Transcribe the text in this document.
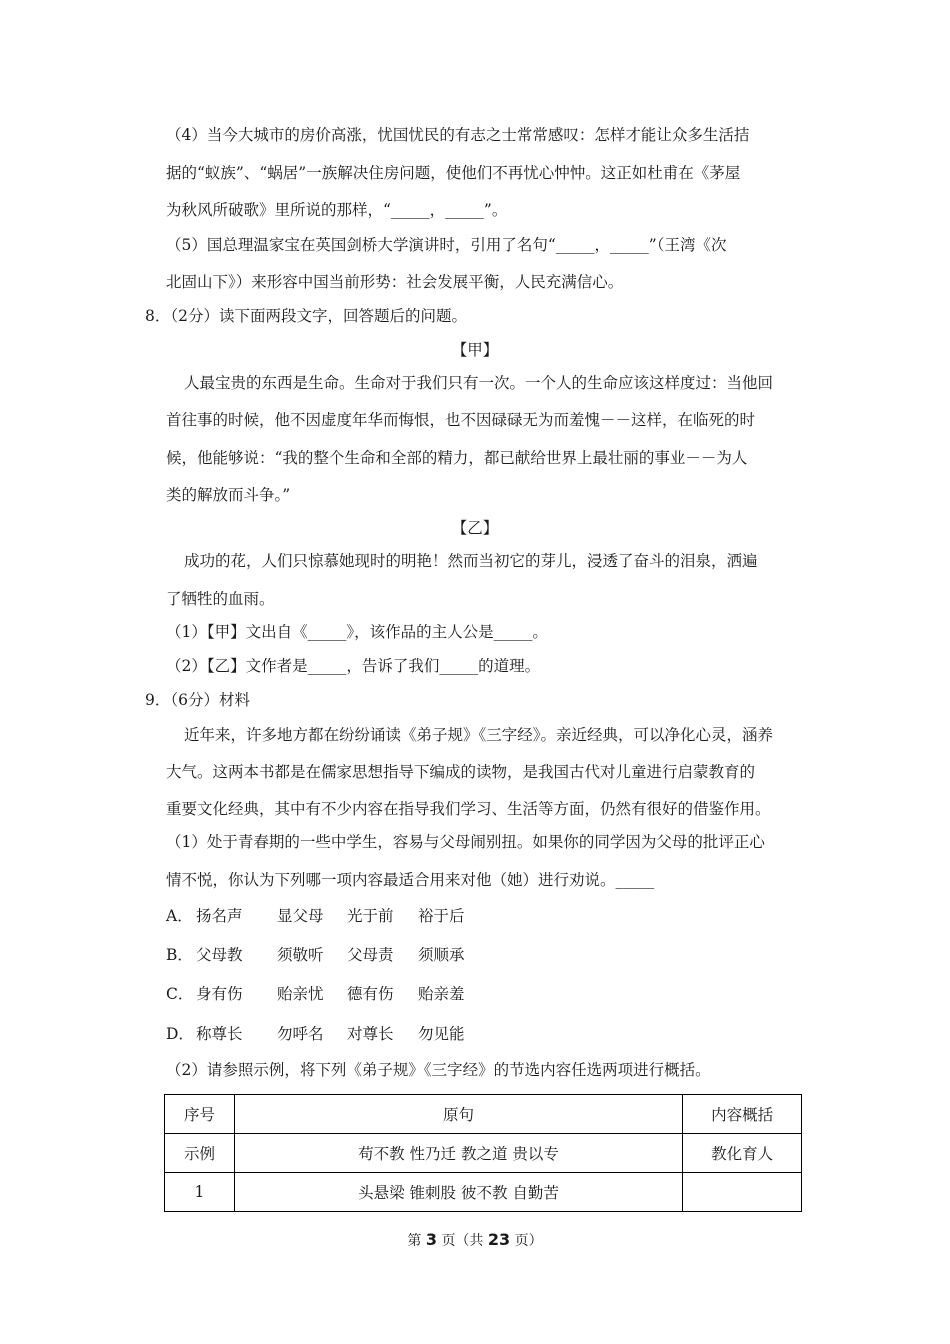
（4）当今大城市的房价高涨，忧国忧民的有志之士常常感叹：怎样才能让众多生活拮
据的“蚁族”、“蜗居”一族解决住房问题，使他们不再忧心忡忡。这正如杜甫在《茅屋
为秋风所破歌》里所说的那样，“_____，_____”。
（5）国总理温家宝在英国剑桥大学演讲时，引用了名句“_____，_____”（王湾《次
北固山下》）来形容中国当前形势：社会发展平衡，人民充满信心。
8．（2分）读下面两段文字，回答题后的问题。
【甲】
人最宝贵的东西是生命。生命对于我们只有一次。一个人的生命应该这样度过：当他回
首往事的时候，他不因虚度年华而悔恨，也不因碌碌无为而羞愧－－这样，在临死的时
候，他能够说：“我的整个生命和全部的精力，都已献给世界上最壮丽的事业－－为人
类的解放而斗争。”
【乙】
成功的花，人们只惊慕她现时的明艳！然而当初它的芽儿，浸透了奋斗的泪泉，洒遍
了牺牲的血雨。
（1）【甲】文出自《_____》，该作品的主人公是_____。
（2）【乙】文作者是_____，告诉了我们_____的道理。
9．（6分）材料
近年来，许多地方都在纷纷诵读《弟子规》《三字经》。亲近经典，可以净化心灵，涵养
大气。这两本书都是在儒家思想指导下编成的读物，是我国古代对儿童进行启蒙教育的
重要文化经典，其中有不少内容在指导我们学习、生活等方面，仍然有很好的借鉴作用。
（1）处于青春期的一些中学生，容易与父母闹别扭。如果你的同学因为父母的批评正心
情不悦，你认为下列哪一项内容最适合用来对他（她）进行劝说。_____
A． 扬名声 显父母 光于前 裕于后
B． 父母教 须敬听 父母责 须顺承
C． 身有伤 贻亲忧 德有伤 贻亲羞
D． 称尊长 勿呼名 对尊长 勿见能
（2）请参照示例，将下列《弟子规》《三字经》的节选内容任选两项进行概括。
序号	原句	内容概括
示例	苟不教 性乃迁 教之道 贵以专	教化育人
1	头悬梁 锥刺股 彼不教 自勤苦	
第 3 页（共 23 页）
